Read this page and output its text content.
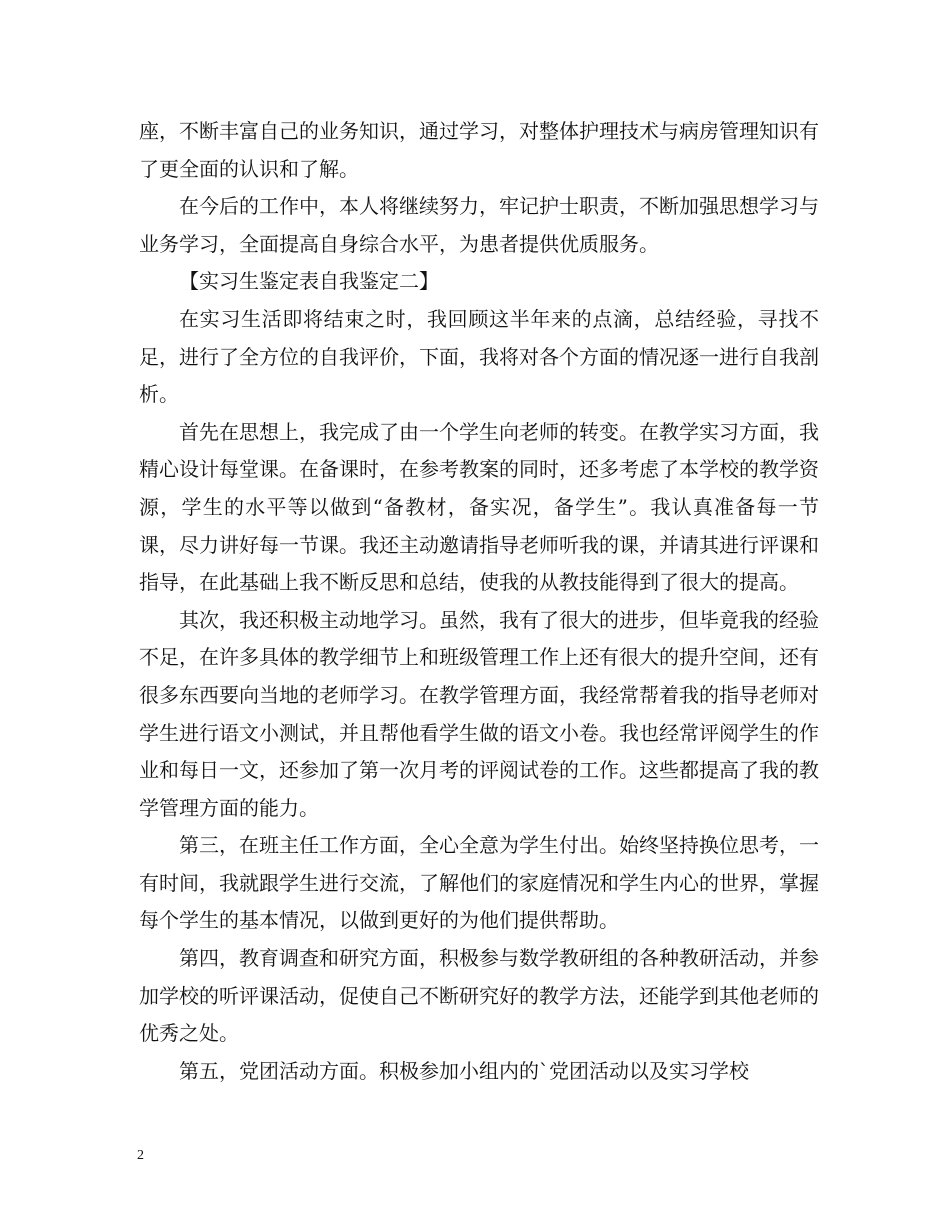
座，不断丰富自己的业务知识，通过学习，对整体护理技术与病房管理知识有了更全面的认识和了解。

在今后的工作中，本人将继续努力，牢记护士职责，不断加强思想学习与业务学习，全面提高自身综合水平，为患者提供优质服务。

【实习生鉴定表自我鉴定二】

在实习生活即将结束之时，我回顾这半年来的点滴，总结经验，寻找不足，进行了全方位的自我评价，下面，我将对各个方面的情况逐一进行自我剖析。

首先在思想上，我完成了由一个学生向老师的转变。在教学实习方面，我精心设计每堂课。在备课时，在参考教案的同时，还多考虑了本学校的教学资源，学生的水平等以做到“备教材，备实况，备学生”。我认真准备每一节课，尽力讲好每一节课。我还主动邀请指导老师听我的课，并请其进行评课和指导，在此基础上我不断反思和总结，使我的从教技能得到了很大的提高。

其次，我还积极主动地学习。虽然，我有了很大的进步，但毕竟我的经验不足，在许多具体的教学细节上和班级管理工作上还有很大的提升空间，还有很多东西要向当地的老师学习。在教学管理方面，我经常帮着我的指导老师对学生进行语文小测试，并且帮他看学生做的语文小卷。我也经常评阅学生的作业和每日一文，还参加了第一次月考的评阅试卷的工作。这些都提高了我的教学管理方面的能力。

第三，在班主任工作方面，全心全意为学生付出。始终坚持换位思考，一有时间，我就跟学生进行交流，了解他们的家庭情况和学生内心的世界，掌握每个学生的基本情况，以做到更好的为他们提供帮助。

第四，教育调查和研究方面，积极参与数学教研组的各种教研活动，并参加学校的听评课活动，促使自己不断研究好的教学方法，还能学到其他老师的优秀之处。

第五，党团活动方面。积极参加小组内的`党团活动以及实习学校

2
